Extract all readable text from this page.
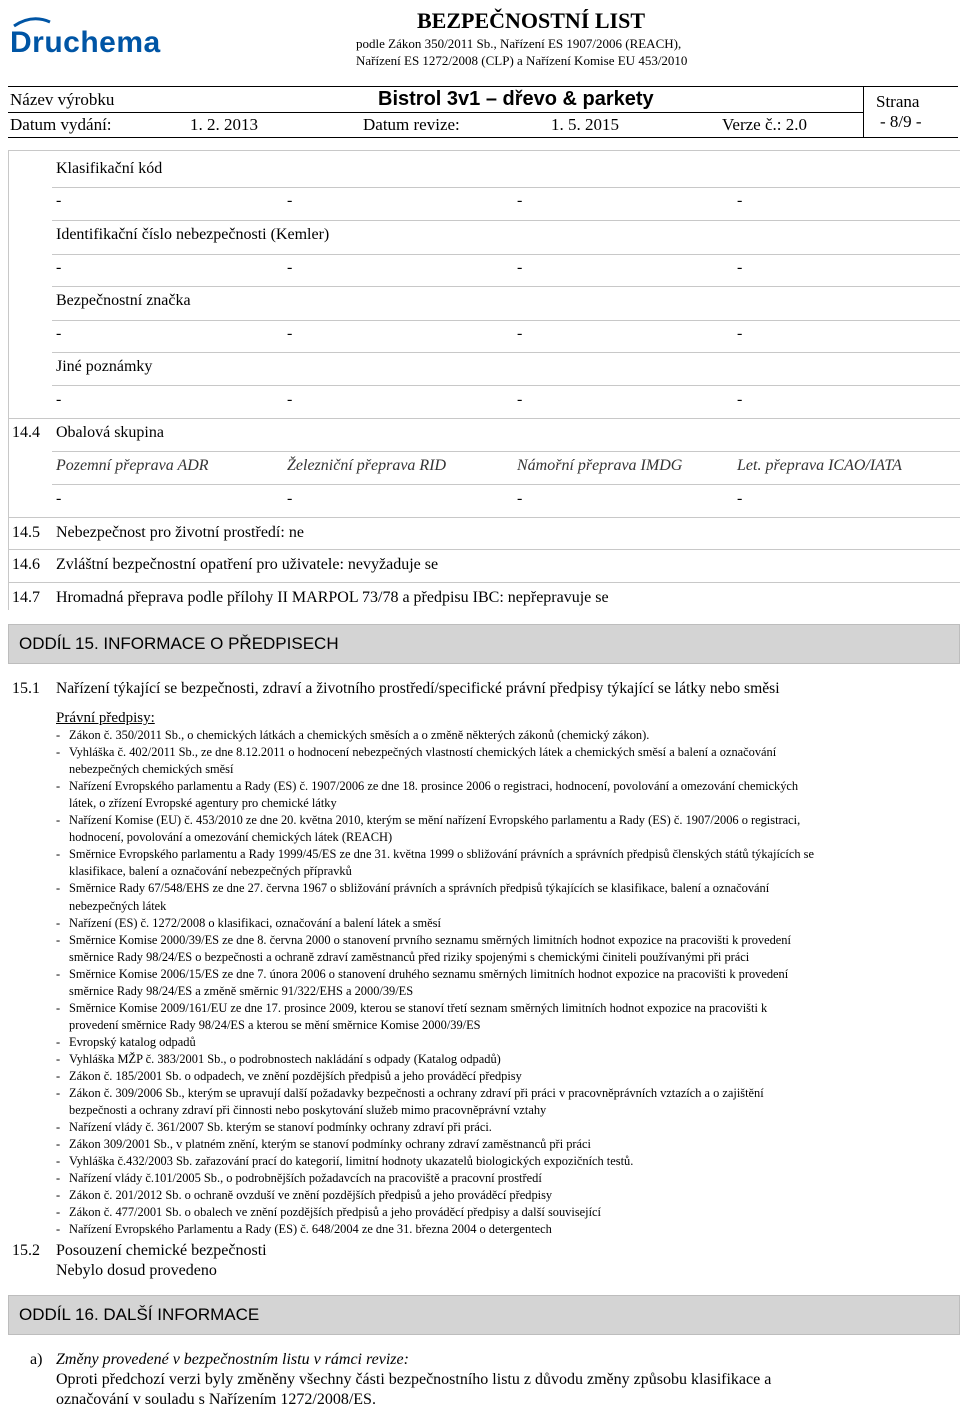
Druchema
BEZPEČNOSTNÍ LIST
podle Zákon 350/2011 Sb., Nařízení ES 1907/2006 (REACH),
Nařízení ES 1272/2008 (CLP) a Nařízení Komise EU 453/2010
Název výrobku	Bistrol 3v1 – dřevo & parkety	Strana
- 8/9 -
Datum vydání:	1. 2. 2013	Datum revize:	1. 5. 2015	Verze č.: 2.0
Klasifikační kód
-	-	-	-
Identifikační číslo nebezpečnosti (Kemler)
-	-	-	-
Bezpečnostní značka
-	-	-	-
Jiné poznámky
-	-	-	-
14.4 Obalová skupina
Pozemní přeprava ADR	Železniční přeprava RID	Námořní přeprava IMDG	Let. přeprava ICAO/IATA
-	-	-	-
14.5 Nebezpečnost pro životní prostředí: ne
14.6 Zvláštní bezpečnostní opatření pro uživatele: nevyžaduje se
14.7 Hromadná přeprava podle přílohy II MARPOL 73/78 a předpisu IBC: nepřepravuje se
ODDÍL 15. INFORMACE O PŘEDPISECH
15.1 Nařízení týkající se bezpečnosti, zdraví a životního prostředí/specifické právní předpisy týkající se látky nebo směsi
Právní předpisy:
- Zákon č. 350/2011 Sb., o chemických látkách a chemických směsích a o změně některých zákonů (chemický zákon).
- Vyhláška č. 402/2011 Sb., ze dne 8.12.2011 o hodnocení nebezpečných vlastností chemických látek a chemických směsí a balení a označování
nebezpečných chemických směsí
- Nařízení Evropského parlamentu a Rady (ES) č. 1907/2006 ze dne 18. prosince 2006 o registraci, hodnocení, povolování a omezování chemických
látek, o zřízení Evropské agentury pro chemické látky
- Nařízení Komise (EU) č. 453/2010 ze dne 20. května 2010, kterým se mění nařízení Evropského parlamentu a Rady (ES) č. 1907/2006 o registraci,
hodnocení, povolování a omezování chemických látek (REACH)
- Směrnice Evropského parlamentu a Rady 1999/45/ES ze dne 31. května 1999 o sbližování právních a správních předpisů členských států týkajících se
klasifikace, balení a označování nebezpečných přípravků
- Směrnice Rady 67/548/EHS ze dne 27. června 1967 o sbližování právních a správních předpisů týkajících se klasifikace, balení a označování
nebezpečných látek
- Nařízení (ES) č. 1272/2008 o klasifikaci, označování a balení látek a směsí
- Směrnice Komise 2000/39/ES ze dne 8. června 2000 o stanovení prvního seznamu směrných limitních hodnot expozice na pracovišti k provedení
směrnice Rady 98/24/ES o bezpečnosti a ochraně zdraví zaměstnanců před riziky spojenými s chemickými činiteli používanými při práci
- Směrnice Komise 2006/15/ES ze dne 7. února 2006 o stanovení druhého seznamu směrných limitních hodnot expozice na pracovišti k provedení
směrnice Rady 98/24/ES a změně směrnic 91/322/EHS a 2000/39/ES
- Směrnice Komise 2009/161/EU ze dne 17. prosince 2009, kterou se stanoví třetí seznam směrných limitních hodnot expozice na pracovišti k
provedení směrnice Rady 98/24/ES a kterou se mění směrnice Komise 2000/39/ES
- Evropský katalog odpadů
- Vyhláška MŽP č. 383/2001 Sb., o podrobnostech nakládání s odpady (Katalog odpadů)
- Zákon č. 185/2001 Sb. o odpadech, ve znění pozdějších předpisů a jeho prováděcí předpisy
- Zákon č. 309/2006 Sb., kterým se upravují další požadavky bezpečnosti a ochrany zdraví při práci v pracovněprávních vztazích a o zajištění
bezpečnosti a ochrany zdraví při činnosti nebo poskytování služeb mimo pracovněprávní vztahy
- Nařízení vlády č. 361/2007 Sb. kterým se stanoví podmínky ochrany zdraví při práci.
- Zákon 309/2001 Sb., v platném znění, kterým se stanoví podmínky ochrany zdraví zaměstnanců při práci
- Vyhláška č.432/2003 Sb. zařazování prací do kategorií, limitní hodnoty ukazatelů biologických expozičních testů.
- Nařízení vlády č.101/2005 Sb., o podrobnějších požadavcích na pracoviště a pracovní prostředí
- Zákon č. 201/2012 Sb. o ochraně ovzduší ve znění pozdějších předpisů a jeho prováděcí předpisy
- Zákon č. 477/2001 Sb. o obalech ve znění pozdějších předpisů a jeho prováděcí předpisy a další související
- Nařízení Evropského Parlamentu a Rady (ES) č. 648/2004 ze dne 31. března 2004 o detergentech
15.2 Posouzení chemické bezpečnosti
Nebylo dosud provedeno
ODDÍL 16. DALŠÍ INFORMACE
a) Změny provedené v bezpečnostním listu v rámci revize:
Oproti předchozí verzi byly změněny všechny části bezpečnostního listu z důvodu změny způsobu klasifikace a
označování v souladu s Nařízením 1272/2008/ES.
